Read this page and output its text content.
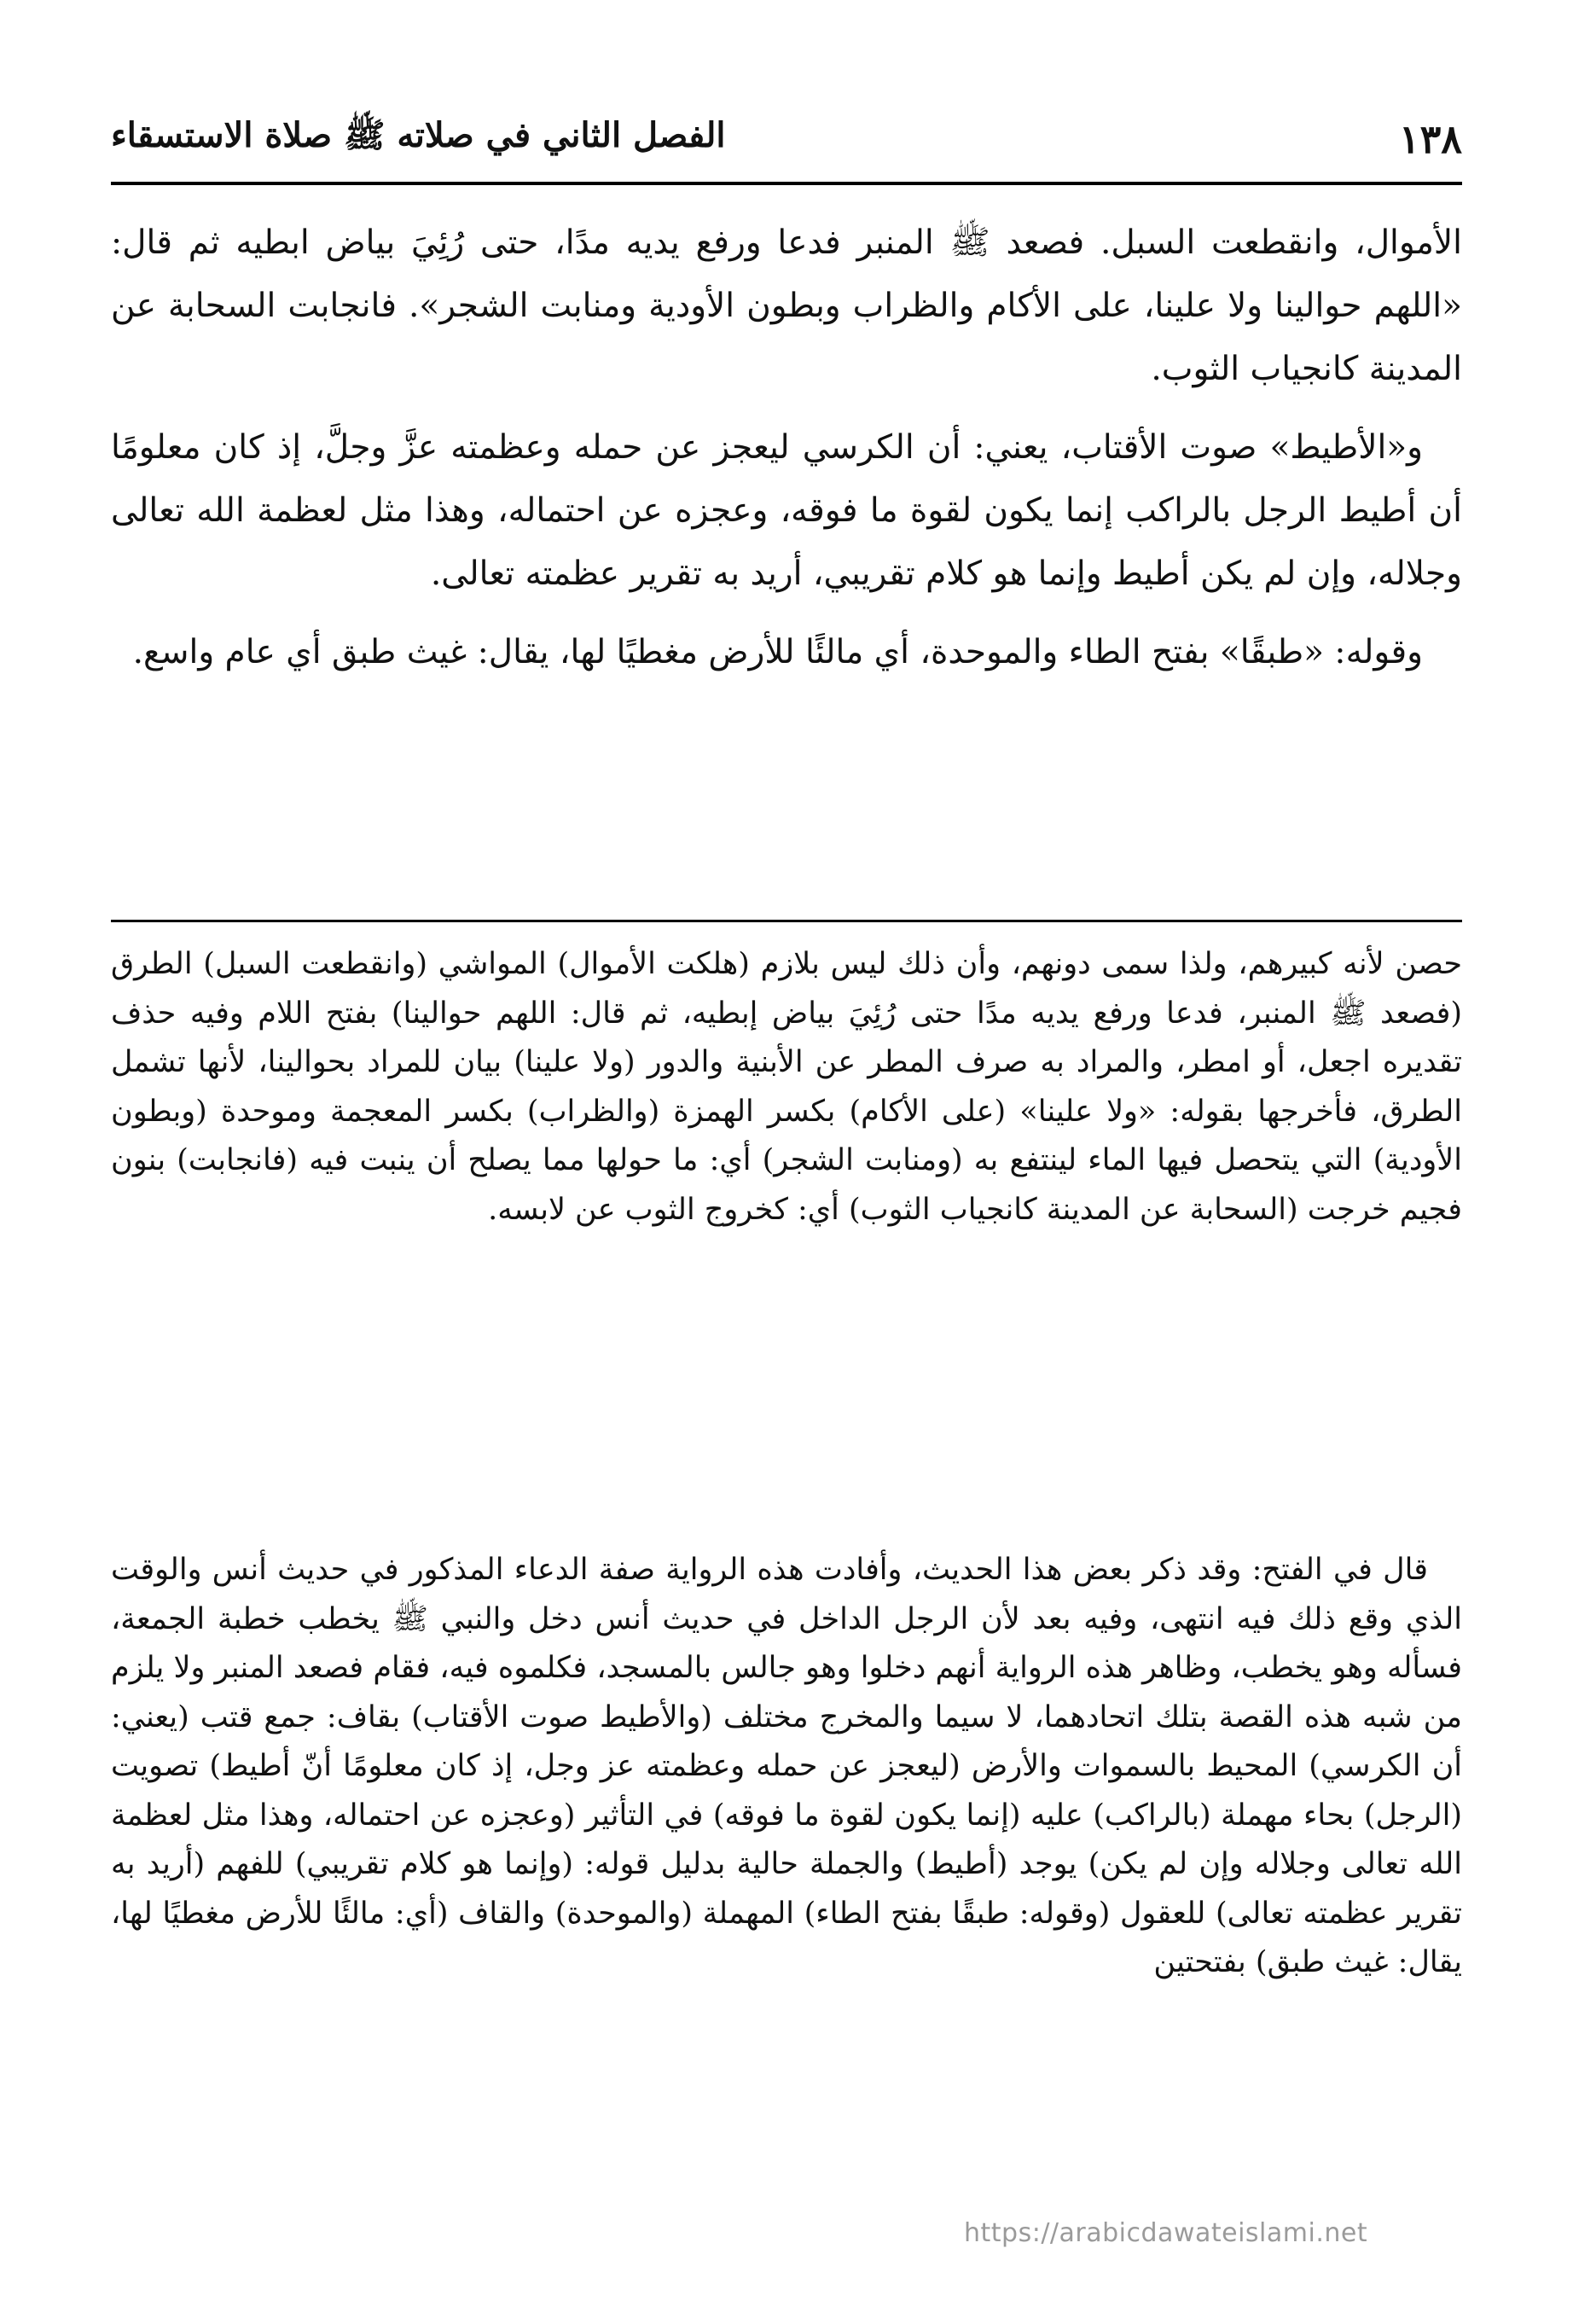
١٣٨
الفصل الثاني في صلاته ﷺ صلاة الاستسقاء

الأموال، وانقطعت السبل. فصعد ﷺ المنبر فدعا ورفع يديه مدًا، حتى رُئِيَ بياض ابطيه ثم قال: «اللهم حوالينا ولا علينا، على الأكام والظراب وبطون الأودية ومنابت الشجر». فانجابت السحابة عن المدينة كانجياب الثوب.

و«الأطيط» صوت الأقتاب، يعني: أن الكرسي ليعجز عن حمله وعظمته عزَّ وجلَّ، إذ كان معلومًا أن أطيط الرجل بالراكب إنما يكون لقوة ما فوقه، وعجزه عن احتماله، وهذا مثل لعظمة الله تعالى وجلاله، وإن لم يكن أطيط وإنما هو كلام تقريبي، أريد به تقرير عظمته تعالى.

وقوله: «طبقًا» بفتح الطاء والموحدة، أي مالئًا للأرض مغطيًا لها، يقال: غيث طبق أي عام واسع.

حصن لأنه كبيرهم، ولذا سمى دونهم، وأن ذلك ليس بلازم (هلكت الأموال) المواشي (وانقطعت السبل) الطرق (فصعد ﷺ المنبر، فدعا ورفع يديه مدًا حتى رُئِيَ بياض إبطيه، ثم قال: اللهم حوالينا) بفتح اللام وفيه حذف تقديره اجعل، أو امطر، والمراد به صرف المطر عن الأبنية والدور (ولا علينا) بيان للمراد بحوالينا، لأنها تشمل الطرق، فأخرجها بقوله: «ولا علينا» (على الأكام) بكسر الهمزة (والظراب) بكسر المعجمة وموحدة (وبطون الأودية) التي يتحصل فيها الماء لينتفع به (ومنابت الشجر) أي: ما حولها مما يصلح أن ينبت فيه (فانجابت) بنون فجيم خرجت (السحابة عن المدينة كانجياب الثوب) أي: كخروج الثوب عن لابسه.

قال في الفتح: وقد ذكر بعض هذا الحديث، وأفادت هذه الرواية صفة الدعاء المذكور في حديث أنس والوقت الذي وقع ذلك فيه انتهى، وفيه بعد لأن الرجل الداخل في حديث أنس دخل والنبي ﷺ يخطب خطبة الجمعة، فسأله وهو يخطب، وظاهر هذه الرواية أنهم دخلوا وهو جالس بالمسجد، فكلموه فيه، فقام فصعد المنبر ولا يلزم من شبه هذه القصة بتلك اتحادهما، لا سيما والمخرج مختلف (والأطيط صوت الأقتاب) بقاف: جمع قتب (يعني: أن الكرسي) المحيط بالسموات والأرض (ليعجز عن حمله وعظمته عز وجل، إذ كان معلومًا أنّ أطيط) تصويت (الرجل) بحاء مهملة (بالراكب) عليه (إنما يكون لقوة ما فوقه) في التأثير (وعجزه عن احتماله، وهذا مثل لعظمة الله تعالى وجلاله وإن لم يكن) يوجد (أطيط) والجملة حالية بدليل قوله: (وإنما هو كلام تقريبي) للفهم (أريد به تقرير عظمته تعالى) للعقول (وقوله: طبقًا بفتح الطاء) المهملة (والموحدة) والقاف (أي: مالئًا للأرض مغطيًا لها، يقال: غيث طبق) بفتحتين

https://arabicdawateislami.net
